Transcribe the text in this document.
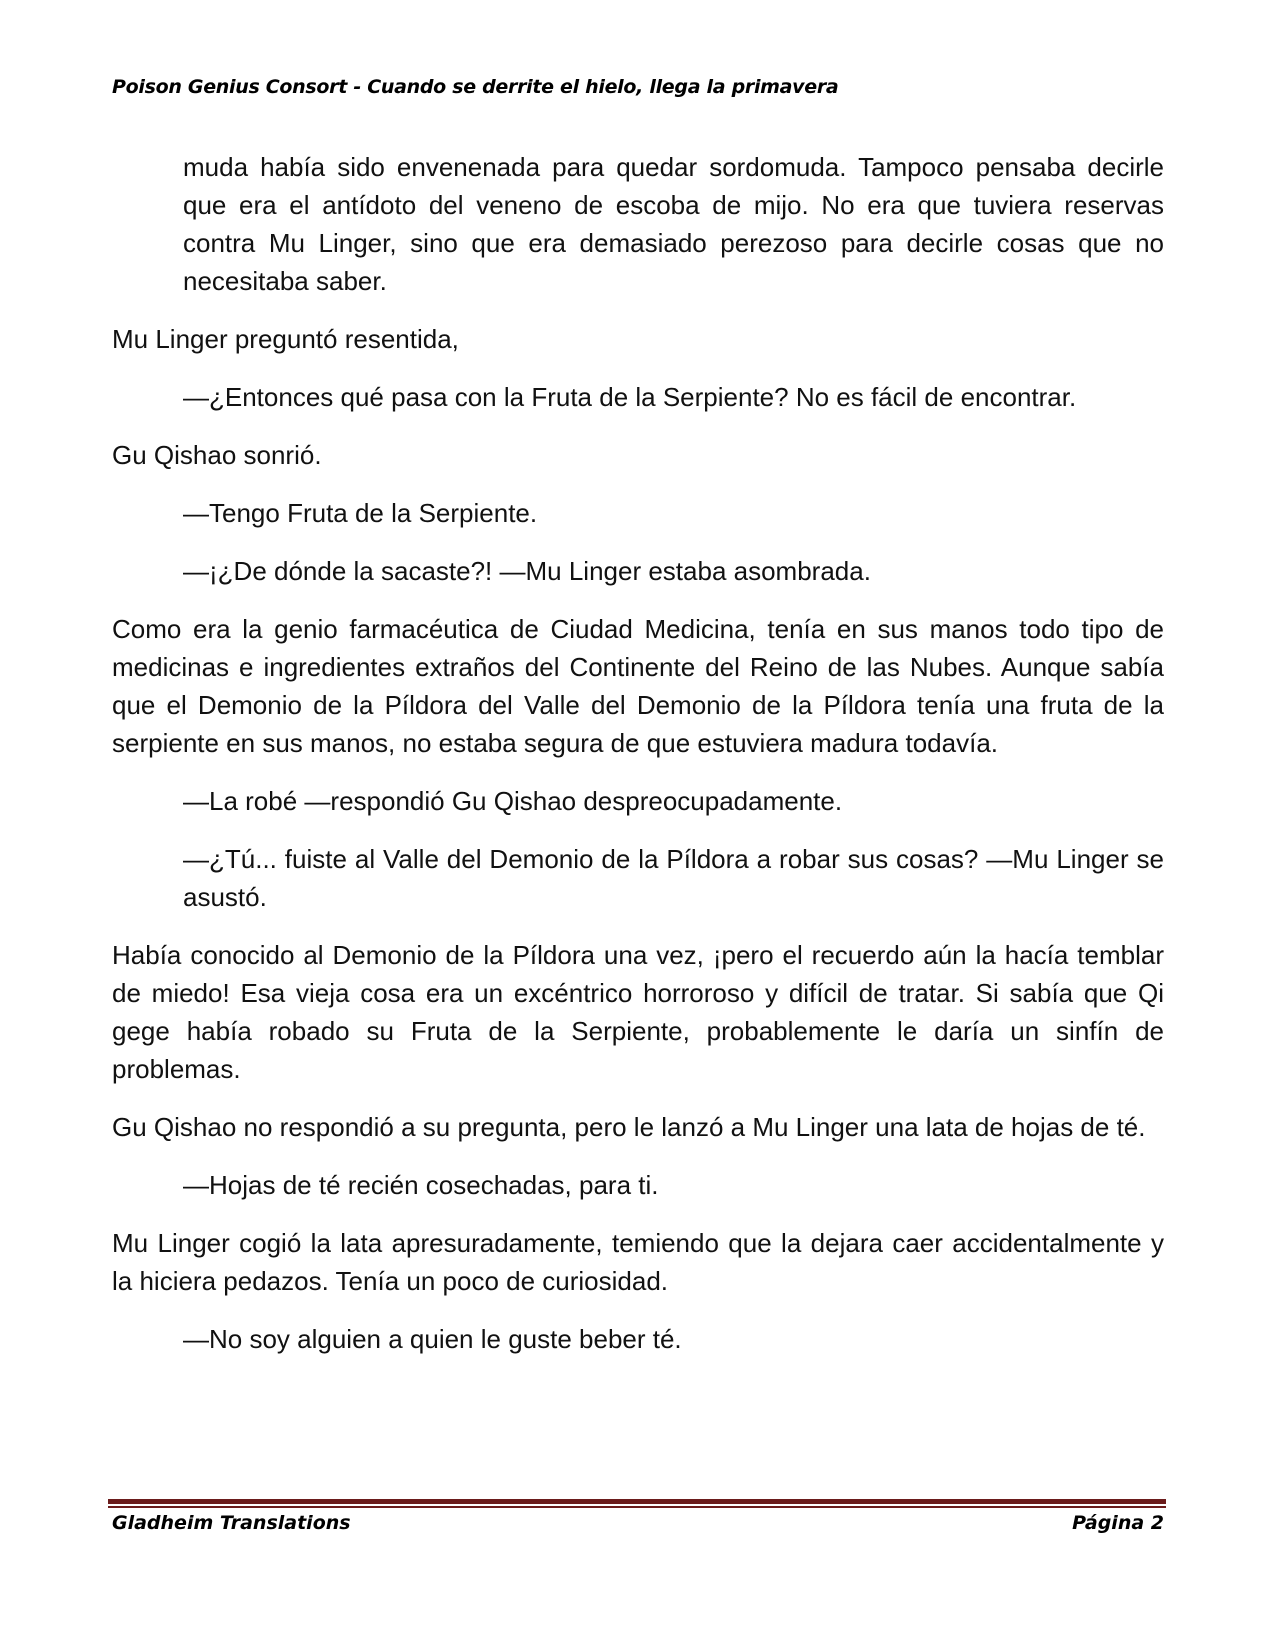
Poison Genius Consort - Cuando se derrite el hielo, llega la primavera

muda había sido envenenada para quedar sordomuda. Tampoco pensaba decirle que era el antídoto del veneno de escoba de mijo. No era que tuviera reservas contra Mu Linger, sino que era demasiado perezoso para decirle cosas que no necesitaba saber.

Mu Linger preguntó resentida,

—¿Entonces qué pasa con la Fruta de la Serpiente? No es fácil de encontrar.

Gu Qishao sonrió.

—Tengo Fruta de la Serpiente.

—¡¿De dónde la sacaste?! —Mu Linger estaba asombrada.

Como era la genio farmacéutica de Ciudad Medicina, tenía en sus manos todo tipo de medicinas e ingredientes extraños del Continente del Reino de las Nubes. Aunque sabía que el Demonio de la Píldora del Valle del Demonio de la Píldora tenía una fruta de la serpiente en sus manos, no estaba segura de que estuviera madura todavía.

—La robé —respondió Gu Qishao despreocupadamente.

—¿Tú... fuiste al Valle del Demonio de la Píldora a robar sus cosas? —Mu Linger se asustó.

Había conocido al Demonio de la Píldora una vez, ¡pero el recuerdo aún la hacía temblar de miedo! Esa vieja cosa era un excéntrico horroroso y difícil de tratar. Si sabía que Qi gege había robado su Fruta de la Serpiente, probablemente le daría un sinfín de problemas.

Gu Qishao no respondió a su pregunta, pero le lanzó a Mu Linger una lata de hojas de té.

—Hojas de té recién cosechadas, para ti.

Mu Linger cogió la lata apresuradamente, temiendo que la dejara caer accidentalmente y la hiciera pedazos. Tenía un poco de curiosidad.

—No soy alguien a quien le guste beber té.

Gladheim Translations	Página 2
